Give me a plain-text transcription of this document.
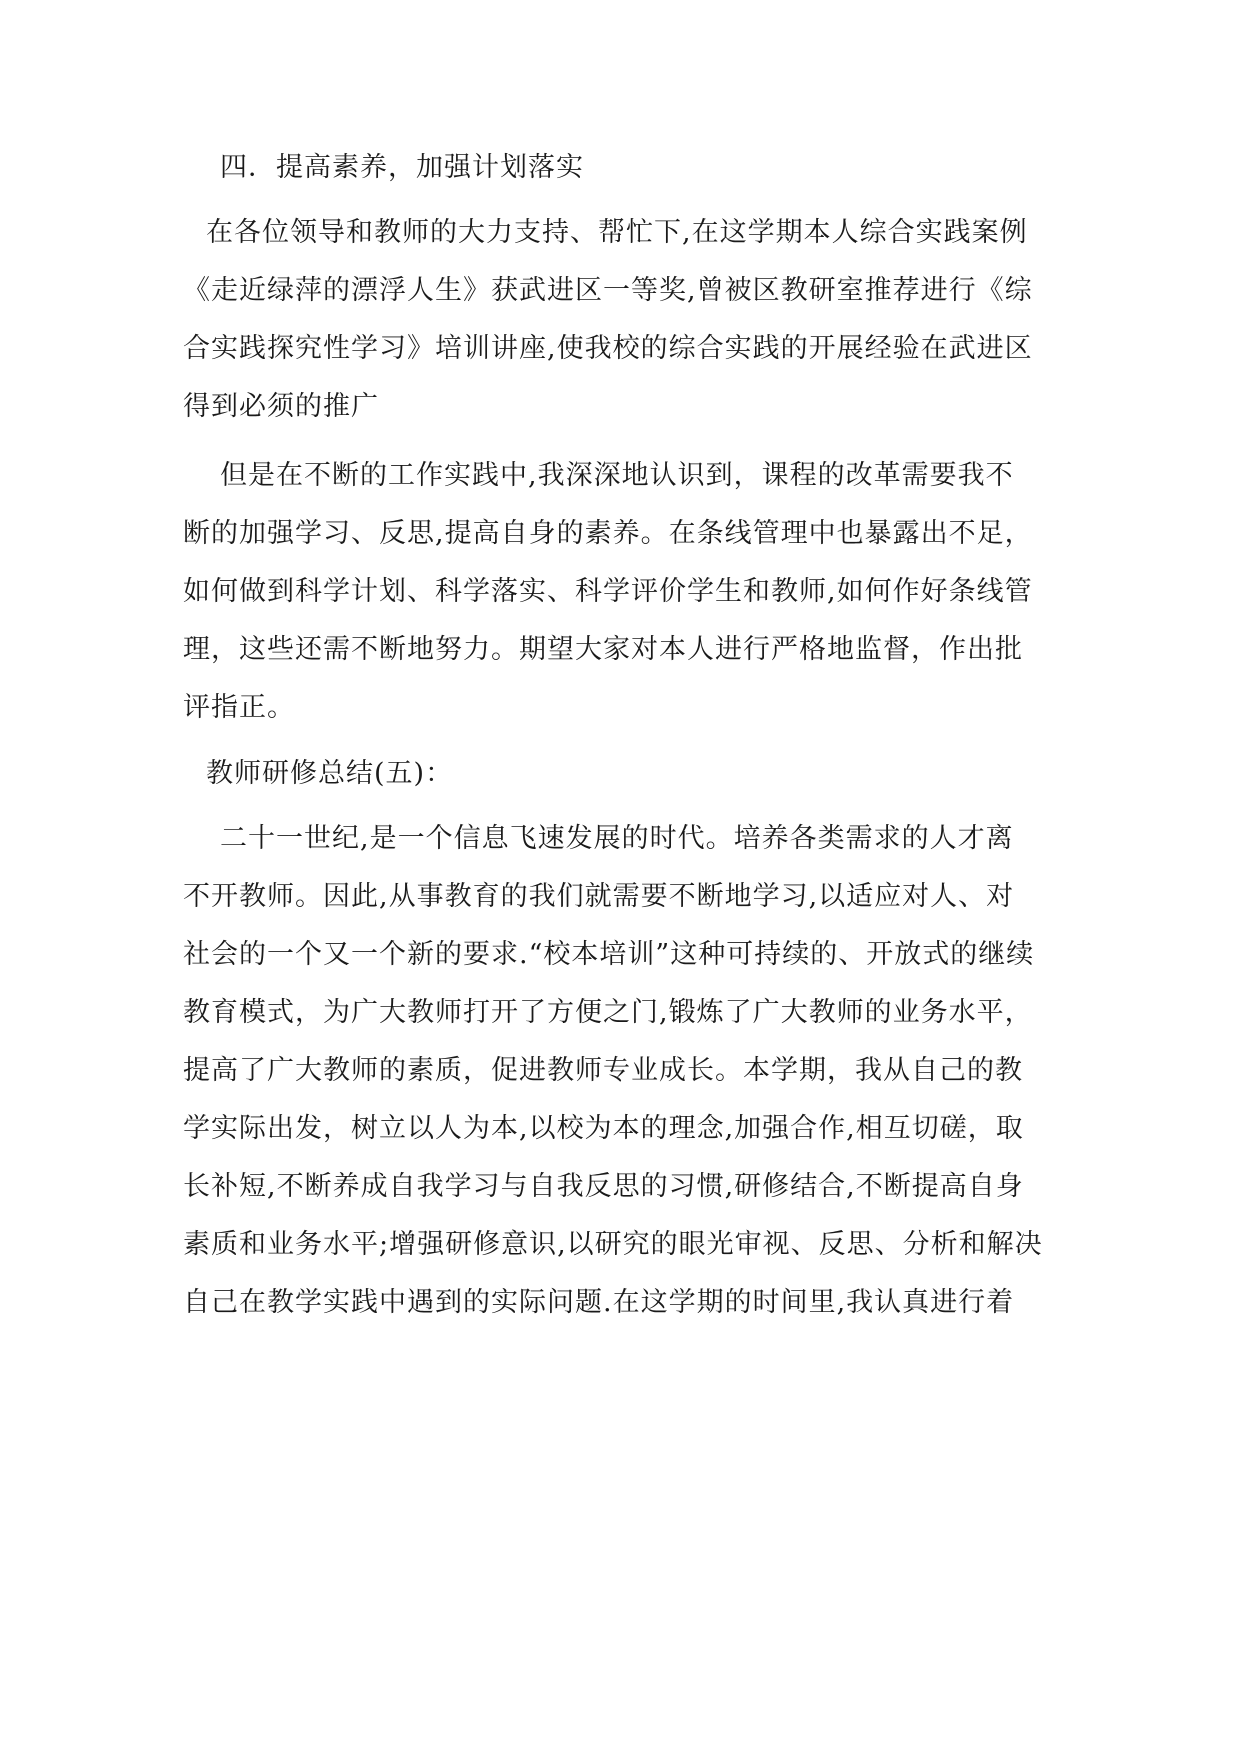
四．提高素养，加强计划落实
在各位领导和教师的大力支持、帮忙下,在这学期本人综合实践案例
《走近绿萍的漂浮人生》获武进区一等奖,曾被区教研室推荐进行《综
合实践探究性学习》培训讲座,使我校的综合实践的开展经验在武进区
得到必须的推广
但是在不断的工作实践中,我深深地认识到，课程的改革需要我不
断的加强学习、反思,提高自身的素养。在条线管理中也暴露出不足，
如何做到科学计划、科学落实、科学评价学生和教师,如何作好条线管
理，这些还需不断地努力。期望大家对本人进行严格地监督，作出批
评指正。
教师研修总结(五)：
二十一世纪,是一个信息飞速发展的时代。培养各类需求的人才离
不开教师。因此,从事教育的我们就需要不断地学习,以适应对人、对
社会的一个又一个新的要求.“校本培训”这种可持续的、开放式的继续
教育模式，为广大教师打开了方便之门,锻炼了广大教师的业务水平，
提高了广大教师的素质，促进教师专业成长。本学期，我从自己的教
学实际出发，树立以人为本,以校为本的理念,加强合作,相互切磋，取
长补短,不断养成自我学习与自我反思的习惯,研修结合,不断提高自身
素质和业务水平;增强研修意识,以研究的眼光审视、反思、分析和解决
自己在教学实践中遇到的实际问题.在这学期的时间里,我认真进行着
